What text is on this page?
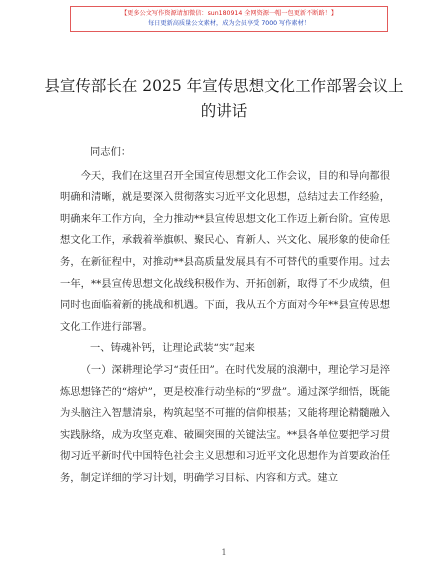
【更多公文写作资源请加微信：sun180914 全网资源一帽一包更新不断路！】
每日更新高质量公文素材，成为会员享受 7000 写作素材！
县宣传部长在 2025 年宣传思想文化工作部署会议上的讲话

同志们：

今天，我们在这里召开全国宣传思想文化工作会议，目的和导向都很明确和清晰，就是要深入贯彻落实习近平文化思想，总结过去工作经验，明确来年工作方向，全力推动**县宣传思想文化工作迈上新台阶。宣传思想文化工作，承载着举旗帜、聚民心、育新人、兴文化、展形象的使命任务，在新征程中，对推动**县高质量发展具有不可替代的重要作用。过去一年，**县宣传思想文化战线积极作为、开拓创新，取得了不少成绩，但同时也面临着新的挑战和机遇。下面，我从五个方面对今年**县宣传思想文化工作进行部署。

一、铸魂补钙，让理论武装“实”起来

（一）深耕理论学习“责任田”。在时代发展的浪潮中，理论学习是淬炼思想锋芒的“熔炉”，更是校准行动坐标的“罗盘”。通过深学细悟，既能为头脑注入智慧清泉，构筑起坚不可摧的信仰根基；又能将理论精髓融入实践脉络，成为攻坚克难、破圈突围的关键法宝。**县各单位要把学习贯彻习近平新时代中国特色社会主义思想和习近平文化思想作为首要政治任务，制定详细的学习计划，明确学习目标、内容和方式。建立

1
